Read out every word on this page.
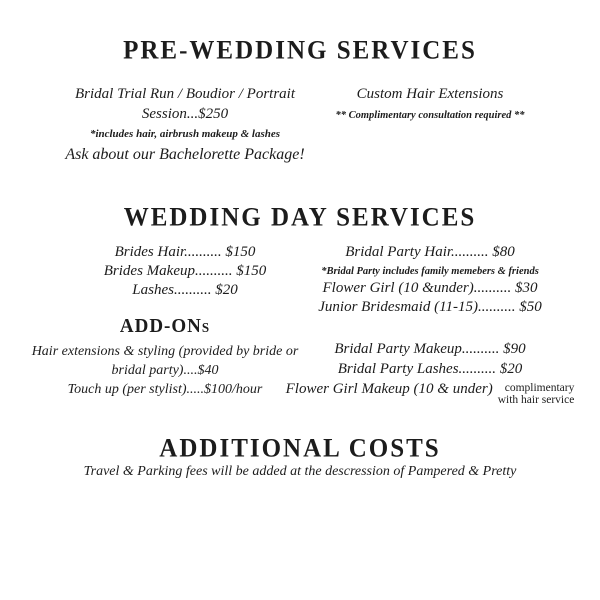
PRE-WEDDING SERVICES
Bridal Trial Run / Boudior / Portrait
Session...$250
*includes hair, airbrush makeup & lashes
Ask about our Bachelorette Package!
Custom Hair Extensions
** Complimentary consultation required **
WEDDING DAY SERVICES
Brides Hair.......... $150
Brides Makeup.......... $150
Lashes.......... $20
Bridal Party Hair.......... $80
*Bridal Party includes family memebers & friends
Flower Girl (10 &under).......... $30
Junior Bridesmaid (11-15).......... $50
ADD-ONs
Hair extensions & styling (provided by bride or
bridal party)....$40
Touch up (per stylist).....$100/hour
Bridal Party Makeup.......... $90
Bridal Party Lashes.......... $20
Flower Girl Makeup (10 & under)	complimentary
with hair service
ADDITIONAL COSTS
Travel & Parking fees will be added at the descression of Pampered & Pretty
